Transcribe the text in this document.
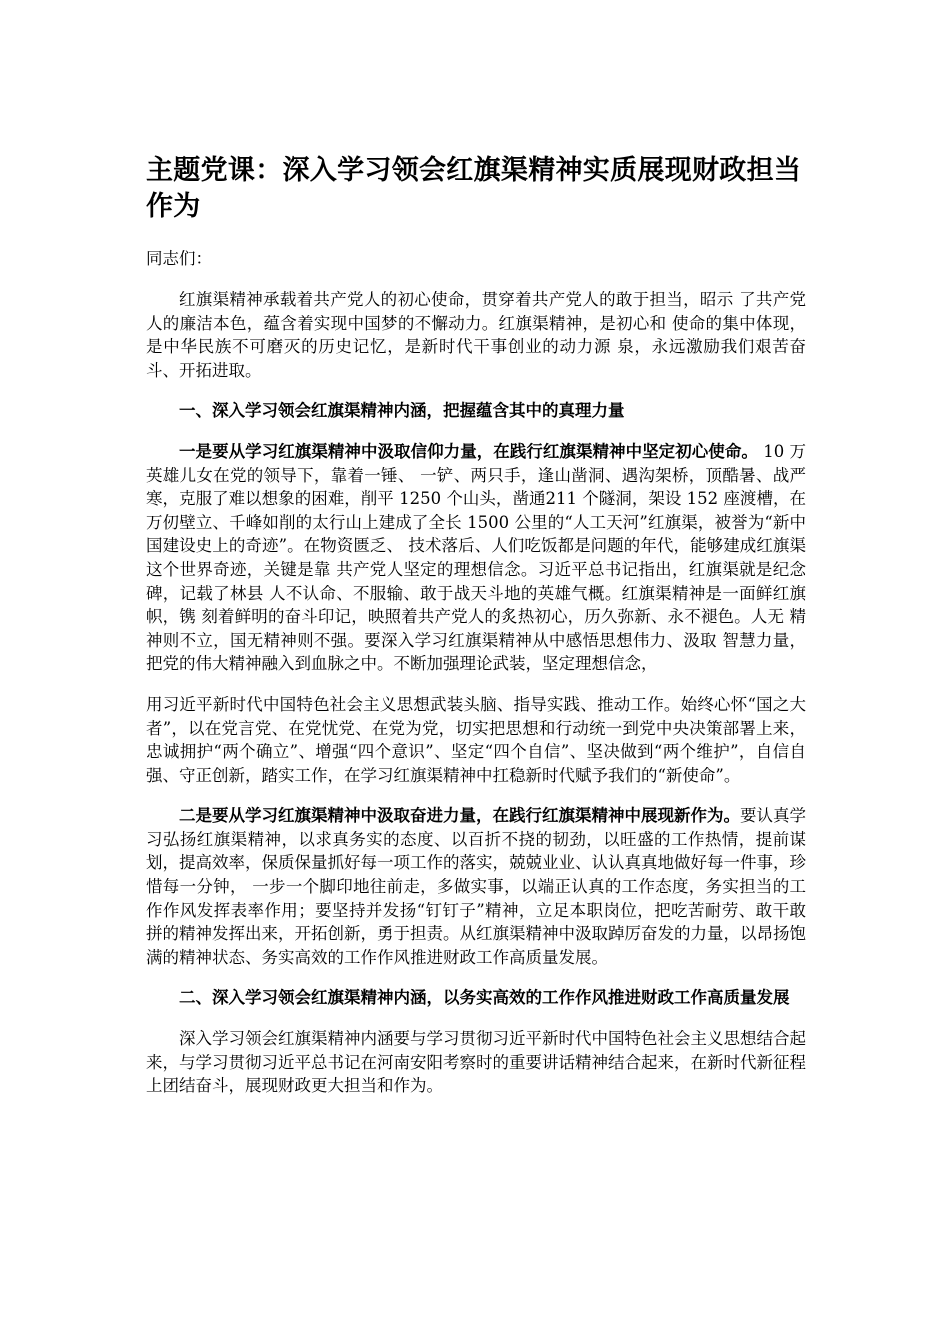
主题党课：深入学习领会红旗渠精神实质展现财政担当作为

同志们：

红旗渠精神承载着共产党人的初心使命，贯穿着共产党人的敢于担当，昭示 了共产党人的廉洁本色，蕴含着实现中国梦的不懈动力。红旗渠精神，是初心和 使命的集中体现，是中华民族不可磨灭的历史记忆，是新时代干事创业的动力源 泉，永远激励我们艰苦奋斗、开拓进取。

一、深入学习领会红旗渠精神内涵，把握蕴含其中的真理力量

一是要从学习红旗渠精神中汲取信仰力量，在践行红旗渠精神中坚定初心使命。 10 万英雄儿女在党的领导下，靠着一锤、 一铲、两只手，逢山凿洞、遇沟架桥，顶酷暑、战严寒，克服了难以想象的困难，削平 1250 个山头，凿通211 个隧洞，架设 152 座渡槽，在万仞壁立、千峰如削的太行山上建成了全长 1500 公里的“人工天河”红旗渠，被誉为“新中国建设史上的奇迹”。在物资匮乏、 技术落后、人们吃饭都是问题的年代，能够建成红旗渠这个世界奇迹，关键是靠 共产党人坚定的理想信念。习近平总书记指出，红旗渠就是纪念碑，记载了林县 人不认命、不服输、敢于战天斗地的英雄气概。红旗渠精神是一面鲜红旗帜，镌 刻着鲜明的奋斗印记，映照着共产党人的炙热初心，历久弥新、永不褪色。人无 精神则不立，国无精神则不强。要深入学习红旗渠精神从中感悟思想伟力、汲取 智慧力量，把党的伟大精神融入到血脉之中。不断加强理论武装，坚定理想信念，

用习近平新时代中国特色社会主义思想武装头脑、指导实践、推动工作。始终心怀“国之大者”，以在党言党、在党忧党、在党为党，切实把思想和行动统一到党中央决策部署上来，忠诚拥护“两个确立”、增强“四个意识”、坚定“四个自信”、坚决做到“两个维护”，自信自强、守正创新，踏实工作，在学习红旗渠精神中扛稳新时代赋予我们的“新使命”。

二是要从学习红旗渠精神中汲取奋进力量，在践行红旗渠精神中展现新作为。要认真学习弘扬红旗渠精神，以求真务实的态度、以百折不挠的韧劲，以旺盛的工作热情，提前谋划，提高效率，保质保量抓好每一项工作的落实，兢兢业业、认认真真地做好每一件事，珍惜每一分钟， 一步一个脚印地往前走，多做实事，以端正认真的工作态度，务实担当的工作作风发挥表率作用；要坚持并发扬“钉钉子”精神，立足本职岗位，把吃苦耐劳、敢干敢拼的精神发挥出来，开拓创新，勇于担责。从红旗渠精神中汲取踔厉奋发的力量，以昂扬饱满的精神状态、务实高效的工作作风推进财政工作高质量发展。

二、深入学习领会红旗渠精神内涵，以务实高效的工作作风推进财政工作高质量发展

深入学习领会红旗渠精神内涵要与学习贯彻习近平新时代中国特色社会主义思想结合起来，与学习贯彻习近平总书记在河南安阳考察时的重要讲话精神结合起来，在新时代新征程上团结奋斗，展现财政更大担当和作为。
